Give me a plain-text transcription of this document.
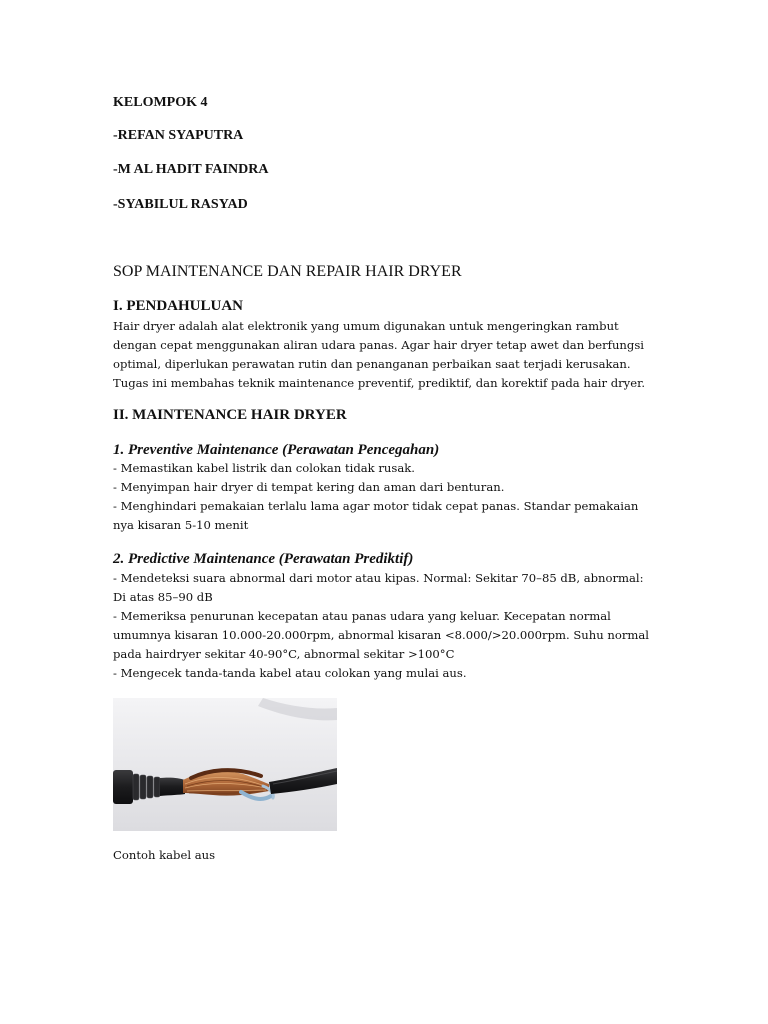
KELOMPOK 4
-REFAN SYAPUTRA
-M AL HADIT FAINDRA
-SYABILUL RASYAD
SOP MAINTENANCE DAN REPAIR HAIR DRYER
I. PENDAHULUAN
Hair dryer adalah alat elektronik yang umum digunakan untuk mengeringkan rambut
dengan cepat menggunakan aliran udara panas. Agar hair dryer tetap awet dan berfungsi
optimal, diperlukan perawatan rutin dan penanganan perbaikan saat terjadi kerusakan.
Tugas ini membahas teknik maintenance preventif, prediktif, dan korektif pada hair dryer.
II. MAINTENANCE HAIR DRYER
1. Preventive Maintenance (Perawatan Pencegahan)
- Memastikan kabel listrik dan colokan tidak rusak.
- Menyimpan hair dryer di tempat kering dan aman dari benturan.
- Menghindari pemakaian terlalu lama agar motor tidak cepat panas. Standar pemakaian
nya kisaran 5-10 menit
2. Predictive Maintenance (Perawatan Prediktif)
- Mendeteksi suara abnormal dari motor atau kipas. Normal: Sekitar 70–85 dB, abnormal:
Di atas 85–90 dB
- Memeriksa penurunan kecepatan atau panas udara yang keluar. Kecepatan normal
umumnya kisaran 10.000-20.000rpm, abnormal kisaran <8.000/>20.000rpm. Suhu normal
pada hairdryer sekitar 40-90°C, abnormal sekitar >100°C
- Mengecek tanda-tanda kabel atau colokan yang mulai aus.
Contoh kabel aus
